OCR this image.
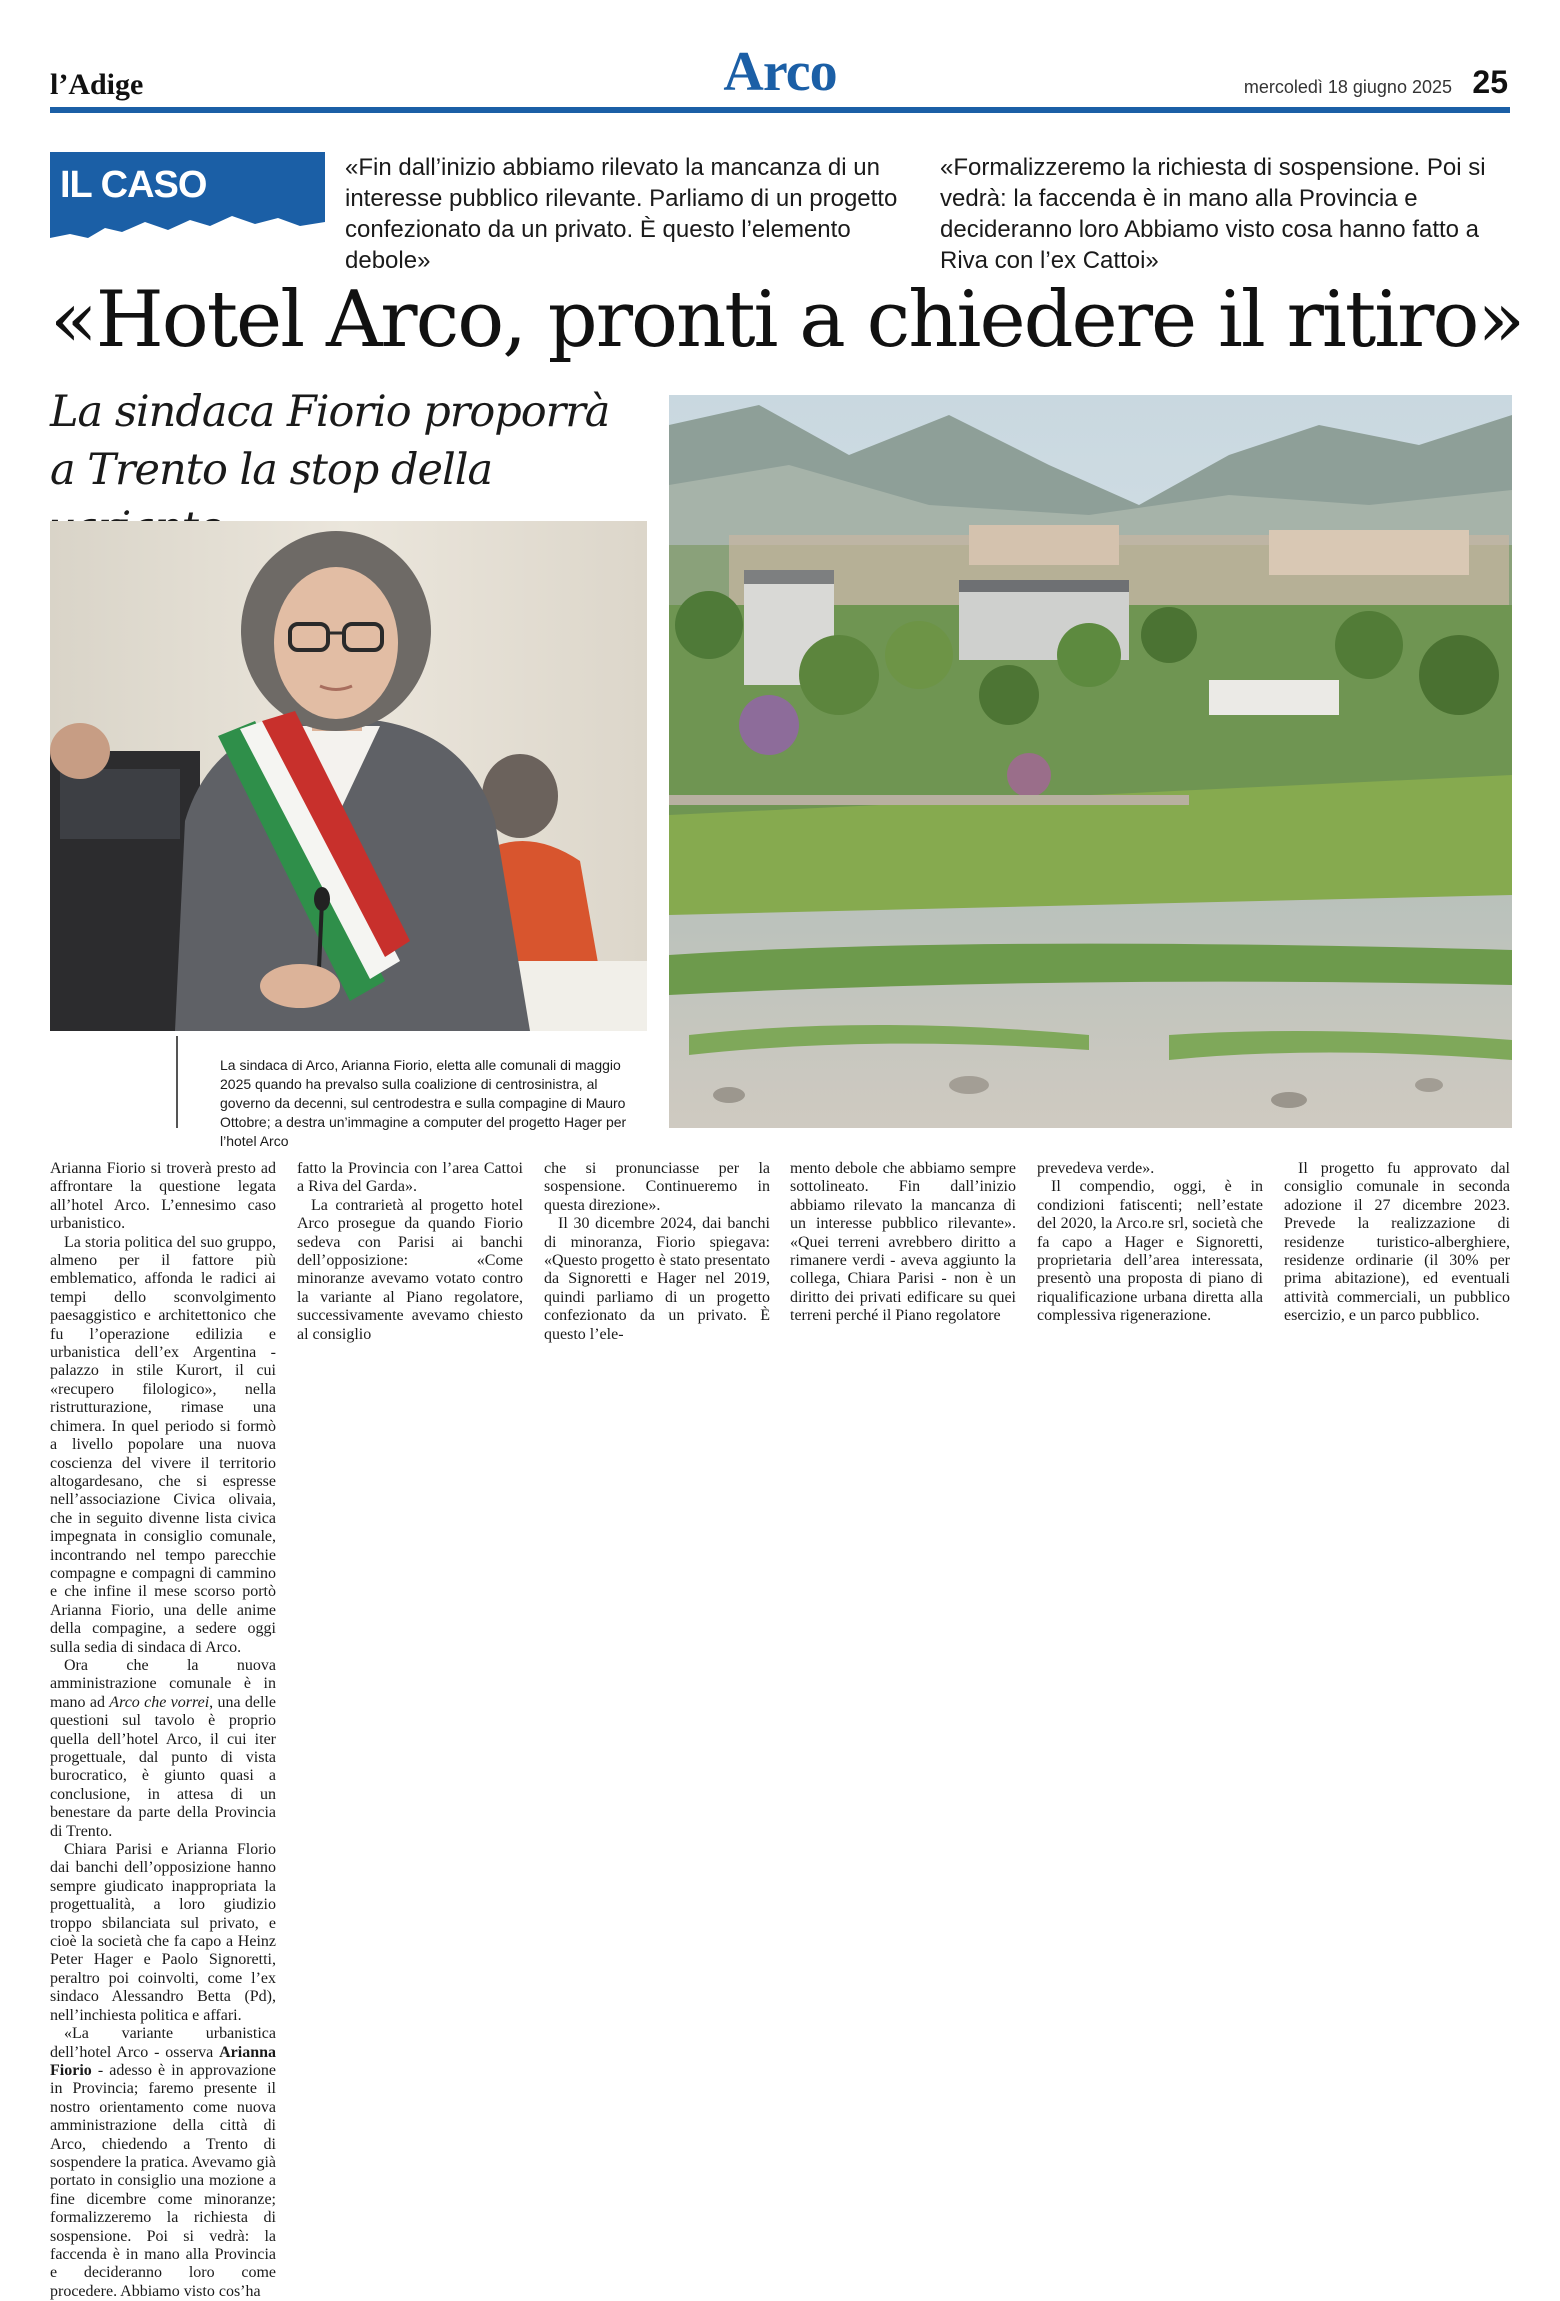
l’Adige	Arco	mercoledì 18 giugno 2025 25
IL CASO	«Fin dall’inizio abbiamo rilevato la mancanza di un interesse pubblico rilevante. Parliamo di un progetto confezionato da un privato. È questo l’elemento debole»
«Formalizzeremo la richiesta di sospensione. Poi si vedrà: la faccenda è in mano alla Provincia e decideranno loro Abbiamo visto cosa hanno fatto a Riva con l’ex Cattoi»
«Hotel Arco, pronti a chiedere il ritiro»
La sindaca Fiorio proporrà
a Trento la stop della
La sindaca di Arco, Arianna Fiorio, eletta alle comunali di maggio 2025 quando ha prevalso sulla coalizione di centrosinistra, al governo da decenni, sul centrodestra e sulla compagine di Mauro Ottobre; a destra un’immagine a computer del progetto Hager per l’hotel Arco

Arianna Fiorio si troverà presto ad affrontare la questione legata all’hotel Arco. L’ennesimo caso urbanistico.

La storia politica del suo gruppo, almeno per il fattore più emblematico, affonda le radici ai tempi dello sconvolgimento paesaggistico e architettonico che fu l’operazione edilizia e urbanistica dell’ex Argentina - palazzo in stile Kurort, il cui «recupero filologico», nella ristrutturazione, rimase una chimera. In quel periodo si formò a livello popolare una nuova coscienza del vivere il territorio altogardesano, che si espresse nell’associazione Civica olivaia, che in seguito divenne lista civica impegnata in consiglio comunale, incontrando nel tempo parecchie compagne e compagni di cammino e che infine il mese scorso portò Arianna Fiorio, una delle anime della compagine, a sedere oggi sulla sedia di sindaca di Arco.

Ora che la nuova amministrazione comunale è in mano ad Arco che vorrei, una delle questioni sul tavolo è proprio quella dell’hotel Arco, il cui iter progettuale, dal punto di vista burocratico, è giunto quasi a conclusione, in attesa di un benestare da parte della Provincia di Trento.

Chiara Parisi e Arianna Florio dai banchi dell’opposizione hanno sempre giudicato inappropriata la progettualità, a loro giudizio troppo sbilanciata sul privato, e cioè la società che fa capo a Heinz Peter Hager e Paolo Signoretti, peraltro poi coinvolti, come l’ex sindaco Alessandro Betta (Pd), nell’inchiesta politica e affari.

«La variante urbanistica dell’hotel Arco - osserva Arianna Fiorio - adesso è in approvazione in Provincia; faremo presente il nostro orientamento come nuova amministrazione della città di Arco, chiedendo a Trento di sospendere la pratica. Avevamo già portato in consiglio una mozione a fine dicembre come minoranze; formalizzeremo la richiesta di sospensione. Poi si vedrà: la faccenda è in mano alla Provincia e decideranno loro come procedere. Abbiamo visto cos’ha

fatto la Provincia con l’area Cattoi a Riva del Garda».

La contrarietà al progetto hotel Arco prosegue da quando Fiorio sedeva con Parisi ai banchi dell’opposizione: «Come minoranze avevamo votato contro la variante al Piano regolatore, successivamente avevamo chiesto al consiglio

che si pronunciasse per la sospensione. Continueremo in questa direzione».

Il 30 dicembre 2024, dai banchi di minoranza, Fiorio spiegava: «Questo progetto è stato presentato da Signoretti e Hager nel 2019, quindi parliamo di un progetto confezionato da un privato. È questo l’ele-

mento debole che abbiamo sempre sottolineato. Fin dall’inizio abbiamo rilevato la mancanza di un interesse pubblico rilevante». «Quei terreni avrebbero diritto a rimanere verdi - aveva aggiunto la collega, Chiara Parisi - non è un diritto dei privati edificare su quei terreni perché il Piano regolatore

prevedeva verde».

Il compendio, oggi, è in condizioni fatiscenti; nell’estate del 2020, la Arco.re srl, società che fa capo a Hager e Signoretti, proprietaria dell’area interessata, presentò una proposta di piano di riqualificazione urbana diretta alla complessiva rigenerazione.

Il progetto fu approvato dal consiglio comunale in seconda adozione il 27 dicembre 2023. Prevede la realizzazione di residenze turistico-alberghiere, residenze ordinarie (il 30% per prima abitazione), ed eventuali attività commerciali, un pubblico esercizio, e un parco pubblico.
